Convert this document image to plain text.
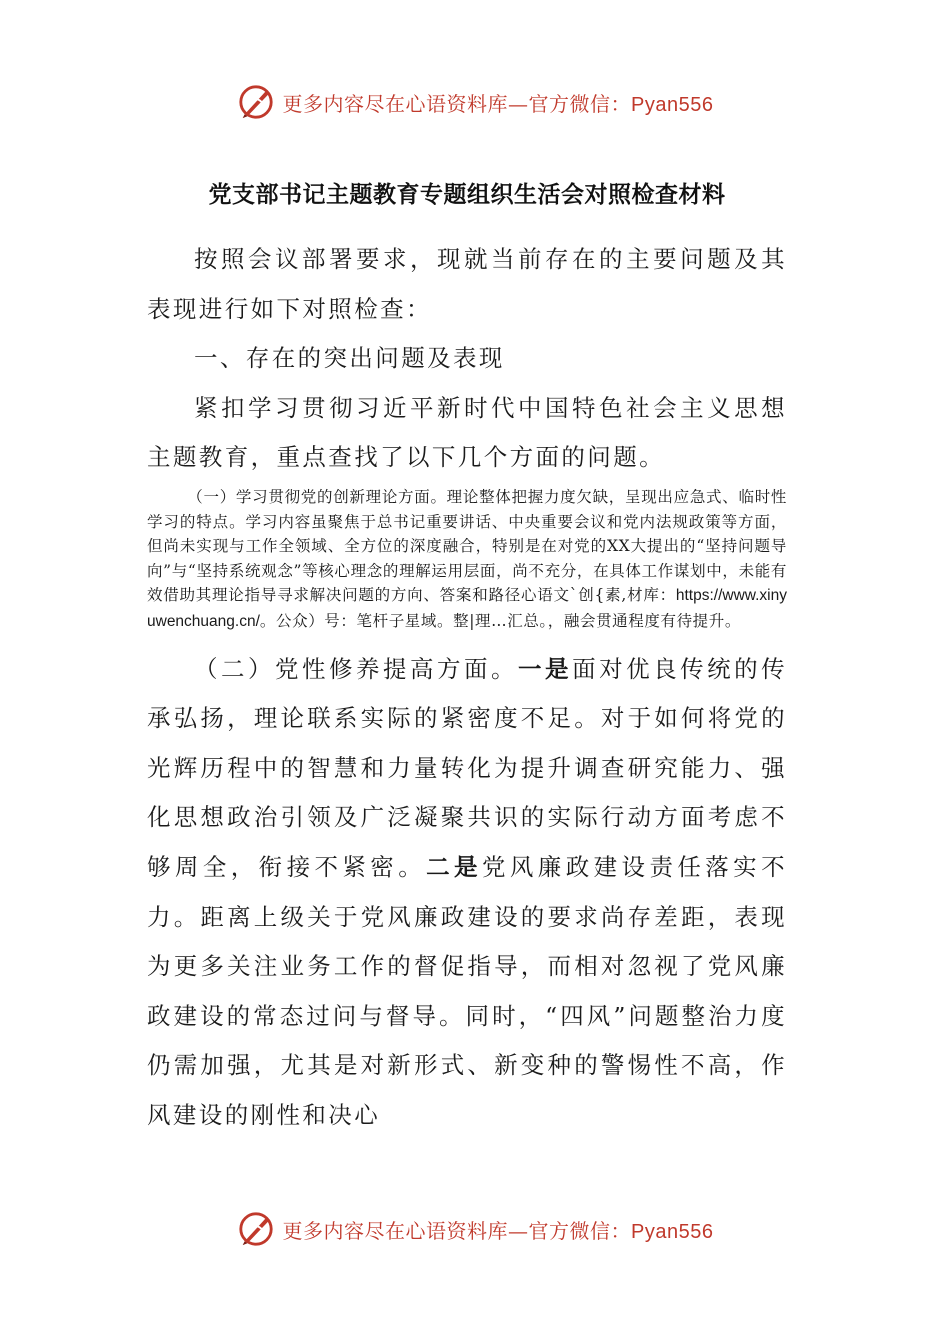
更多内容尽在心语资料库—官方微信：Pyan556
党支部书记主题教育专题组织生活会对照检查材料

按照会议部署要求，现就当前存在的主要问题及其表现进行如下对照检查：

一、存在的突出问题及表现

紧扣学习贯彻习近平新时代中国特色社会主义思想主题教育，重点查找了以下几个方面的问题。

（一）学习贯彻党的创新理论方面。理论整体把握力度欠缺，呈现出应急式、临时性学习的特点。学习内容虽聚焦于总书记重要讲话、中央重要会议和党内法规政策等方面，但尚未实现与工作全领域、全方位的深度融合，特别是在对党的XX大提出的“坚持问题导向”与“坚持系统观念”等核心理念的理解运用层面，尚不充分，在具体工作谋划中，未能有效借助其理论指导寻求解决问题的方向、答案和路径心语文`创{素,材库：https://www.xinyuwenchuang.cn/。公众）号：笔杆子星域。整|理…汇总。，融会贯通程度有待提升。

（二）党性修养提高方面。一是面对优良传统的传承弘扬，理论联系实际的紧密度不足。对于如何将党的光辉历程中的智慧和力量转化为提升调查研究能力、强化思想政治引领及广泛凝聚共识的实际行动方面考虑不够周全，衔接不紧密。二是党风廉政建设责任落实不力。距离上级关于党风廉政建设的要求尚存差距，表现为更多关注业务工作的督促指导，而相对忽视了党风廉政建设的常态过问与督导。同时，“四风”问题整治力度仍需加强，尤其是对新形式、新变种的警惕性不高，作风建设的刚性和决心

更多内容尽在心语资料库—官方微信：Pyan556
